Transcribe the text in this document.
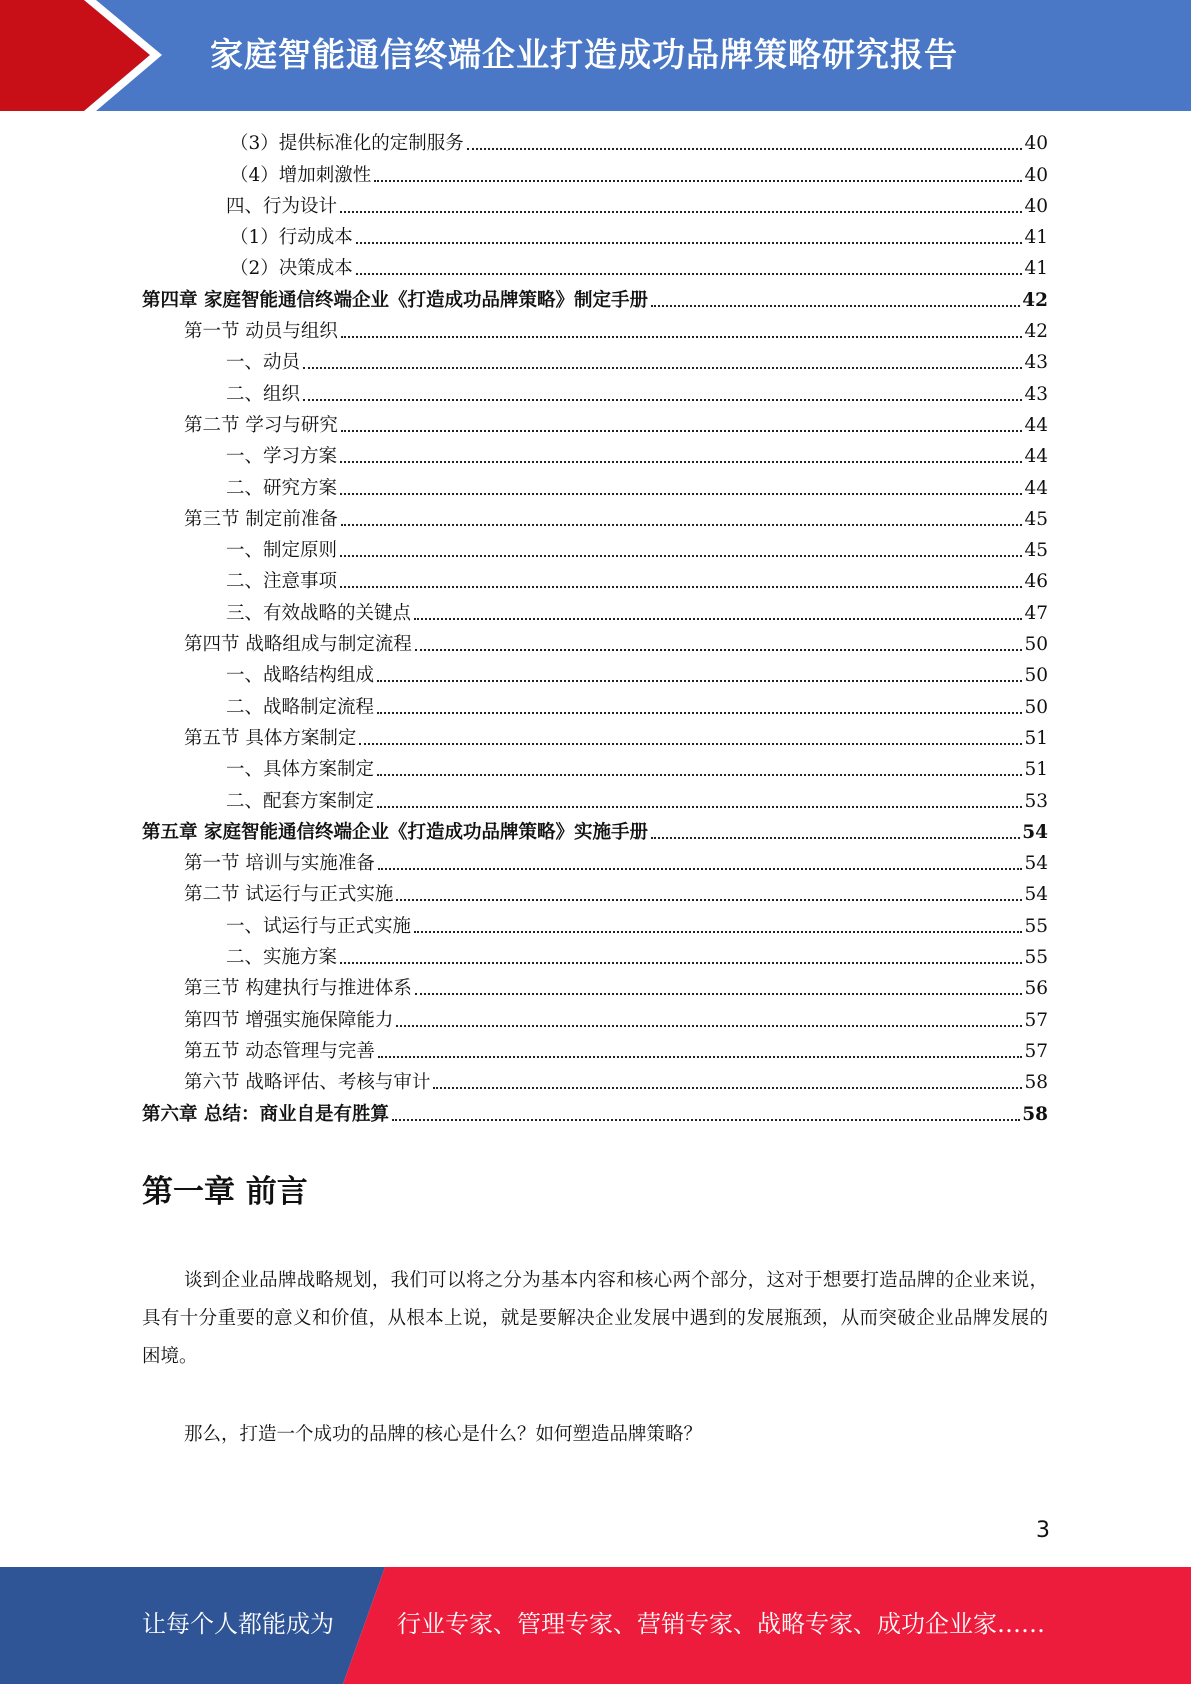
家庭智能通信终端企业打造成功品牌策略研究报告
（3）提供标准化的定制服务	40
（4）增加刺激性	40
四、行为设计	40
（1）行动成本	41
（2）决策成本	41
第四章 家庭智能通信终端企业《打造成功品牌策略》制定手册	42
第一节 动员与组织	42
一、动员	43
二、组织	43
第二节 学习与研究	44
一、学习方案	44
二、研究方案	44
第三节 制定前准备	45
一、制定原则	45
二、注意事项	46
三、有效战略的关键点	47
第四节 战略组成与制定流程	50
一、战略结构组成	50
二、战略制定流程	50
第五节 具体方案制定	51
一、具体方案制定	51
二、配套方案制定	53
第五章 家庭智能通信终端企业《打造成功品牌策略》实施手册	54
第一节 培训与实施准备	54
第二节 试运行与正式实施	54
一、试运行与正式实施	55
二、实施方案	55
第三节 构建执行与推进体系	56
第四节 增强实施保障能力	57
第五节 动态管理与完善	57
第六节 战略评估、考核与审计	58
第六章 总结：商业自是有胜算	58
第一章 前言
谈到企业品牌战略规划，我们可以将之分为基本内容和核心两个部分，这对于想要打造品牌的企业来说，具有十分重要的意义和价值，从根本上说，就是要解决企业发展中遇到的发展瓶颈，从而突破企业品牌发展的困境。
那么，打造一个成功的品牌的核心是什么？如何塑造品牌策略？
3
让每个人都能成为	行业专家、管理专家、营销专家、战略专家、成功企业家……
